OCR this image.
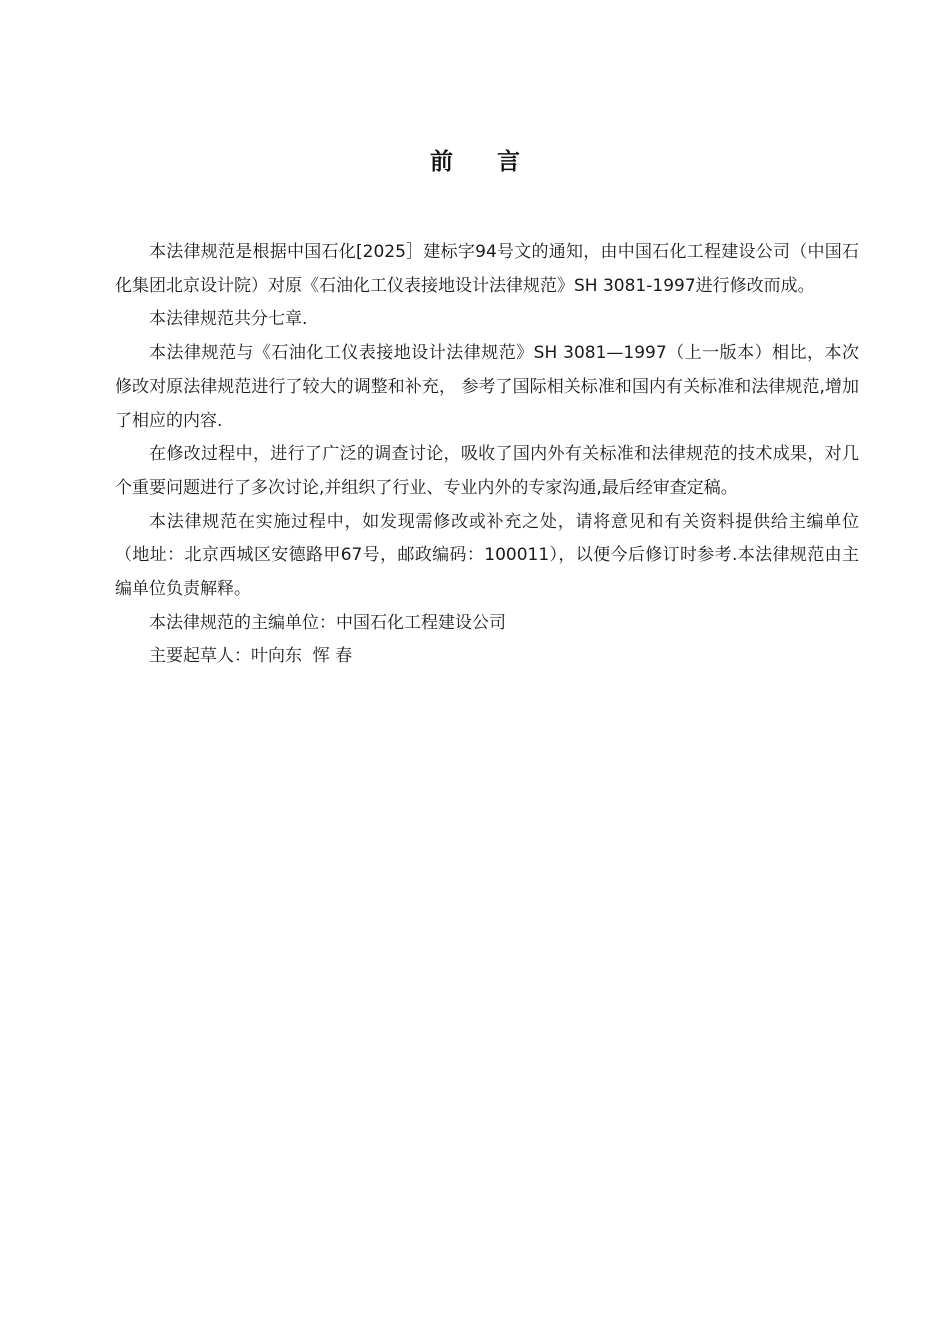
前 言

本法律规范是根据中国石化[2025］建标字94号文的通知，由中国石化工程建设公司（中国石化集团北京设计院）对原《石油化工仪表接地设计法律规范》SH 3081-1997进行修改而成。

本法律规范共分七章.

本法律规范与《石油化工仪表接地设计法律规范》SH 3081—1997（上一版本）相比，本次修改对原法律规范进行了较大的调整和补充， 参考了国际相关标准和国内有关标准和法律规范,增加了相应的内容.

在修改过程中，进行了广泛的调查讨论，吸收了国内外有关标准和法律规范的技术成果，对几个重要问题进行了多次讨论,并组织了行业、专业内外的专家沟通,最后经审查定稿。

本法律规范在实施过程中，如发现需修改或补充之处，请将意见和有关资料提供给主编单位（地址：北京西城区安德路甲67号，邮政编码：100011），以便今后修订时参考.本法律规范由主编单位负责解释。

本法律规范的主编单位：中国石化工程建设公司

主要起草人：叶向东  恽 春
